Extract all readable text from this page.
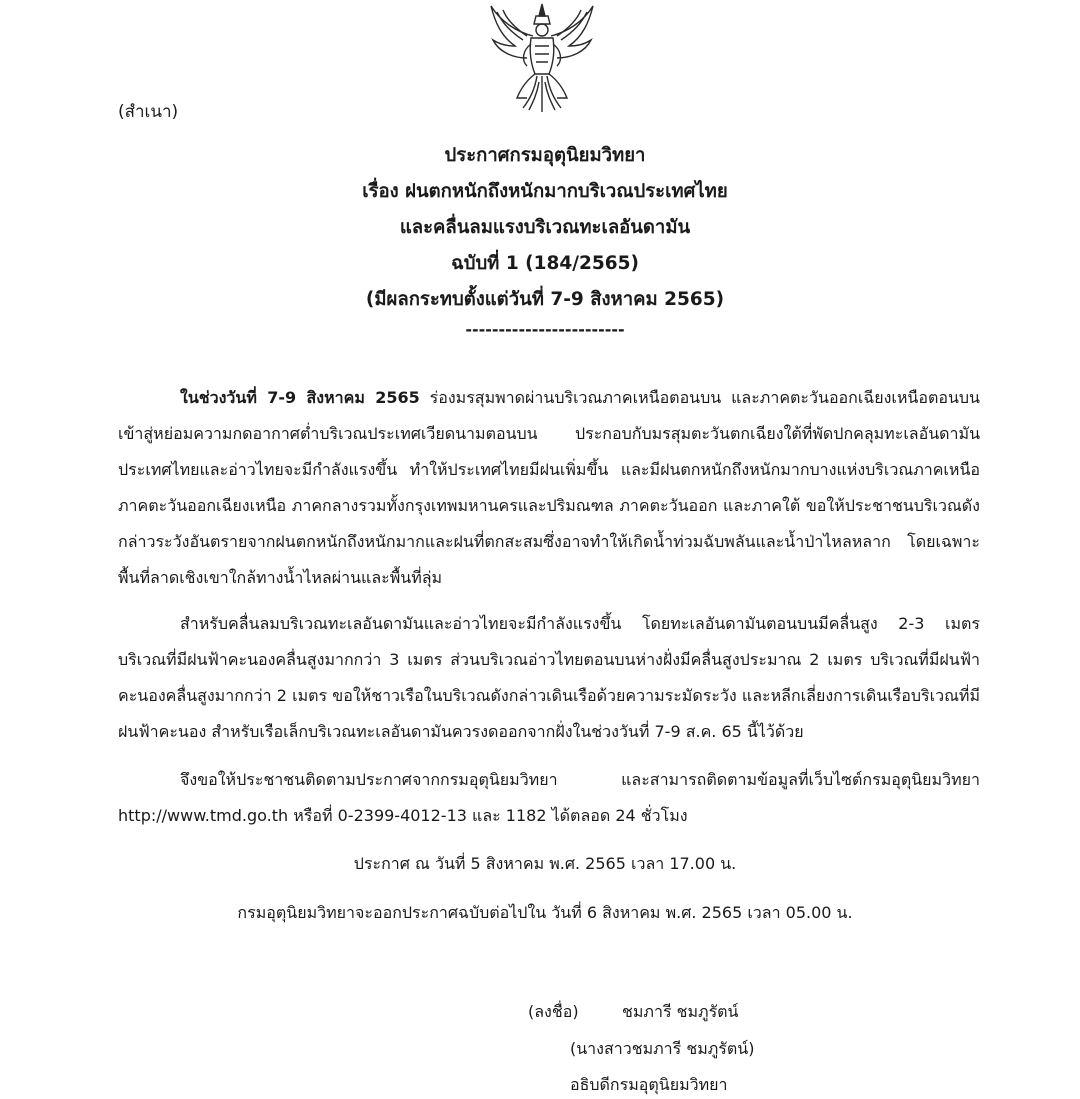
(สำเนา)
ประกาศกรมอุตุนิยมวิทยา
เรื่อง ฝนตกหนักถึงหนักมากบริเวณประเทศไทย
และคลื่นลมแรงบริเวณทะเลอันดามัน
ฉบับที่ 1 (184/2565)
(มีผลกระทบตั้งแต่วันที่ 7-9 สิงหาคม 2565)
------------------------
ในช่วงวันที่ 7-9 สิงหาคม 2565 ร่องมรสุมพาดผ่านบริเวณภาคเหนือตอนบน และภาคตะวันออกเฉียงเหนือตอนบน เข้าสู่หย่อมความกดอากาศต่ำบริเวณประเทศเวียดนามตอนบน ประกอบกับมรสุมตะวันตกเฉียงใต้ที่พัดปกคลุมทะเลอันดามัน ประเทศไทยและอ่าวไทยจะมีกำลังแรงขึ้น ทำให้ประเทศไทยมีฝนเพิ่มขึ้น และมีฝนตกหนักถึงหนักมากบางแห่งบริเวณภาคเหนือ ภาคตะวันออกเฉียงเหนือ ภาคกลางรวมทั้งกรุงเทพมหานครและปริมณฑล ภาคตะวันออก และภาคใต้ ขอให้ประชาชนบริเวณดังกล่าวระวังอันตรายจากฝนตกหนักถึงหนักมากและฝนที่ตกสะสมซึ่งอาจทำให้เกิดน้ำท่วมฉับพลันและน้ำป่าไหลหลาก โดยเฉพาะพื้นที่ลาดเชิงเขาใกล้ทางน้ำไหลผ่านและพื้นที่ลุ่ม
สำหรับคลื่นลมบริเวณทะเลอันดามันและอ่าวไทยจะมีกำลังแรงขึ้น โดยทะเลอันดามันตอนบนมีคลื่นสูง 2-3 เมตร บริเวณที่มีฝนฟ้าคะนองคลื่นสูงมากกว่า 3 เมตร ส่วนบริเวณอ่าวไทยตอนบนห่างฝั่งมีคลื่นสูงประมาณ 2 เมตร บริเวณที่มีฝนฟ้าคะนองคลื่นสูงมากกว่า 2 เมตร ขอให้ชาวเรือในบริเวณดังกล่าวเดินเรือด้วยความระมัดระวัง และหลีกเลี่ยงการเดินเรือบริเวณที่มีฝนฟ้าคะนอง สำหรับเรือเล็กบริเวณทะเลอันดามันควรงดออกจากฝั่งในช่วงวันที่ 7-9 ส.ค. 65 นี้ไว้ด้วย
จึงขอให้ประชาชนติดตามประกาศจากกรมอุตุนิยมวิทยา และสามารถติดตามข้อมูลที่เว็บไซต์กรมอุตุนิยมวิทยา http://www.tmd.go.th หรือที่ 0-2399-4012-13 และ 1182 ได้ตลอด 24 ชั่วโมง
ประกาศ ณ วันที่ 5 สิงหาคม พ.ศ. 2565 เวลา 17.00 น.
กรมอุตุนิยมวิทยาจะออกประกาศฉบับต่อไปใน วันที่ 6 สิงหาคม พ.ศ. 2565 เวลา 05.00 น.
(ลงชื่อ)	ชมภารี ชมภูรัตน์
(นางสาวชมภารี ชมภูรัตน์)
อธิบดีกรมอุตุนิยมวิทยา
